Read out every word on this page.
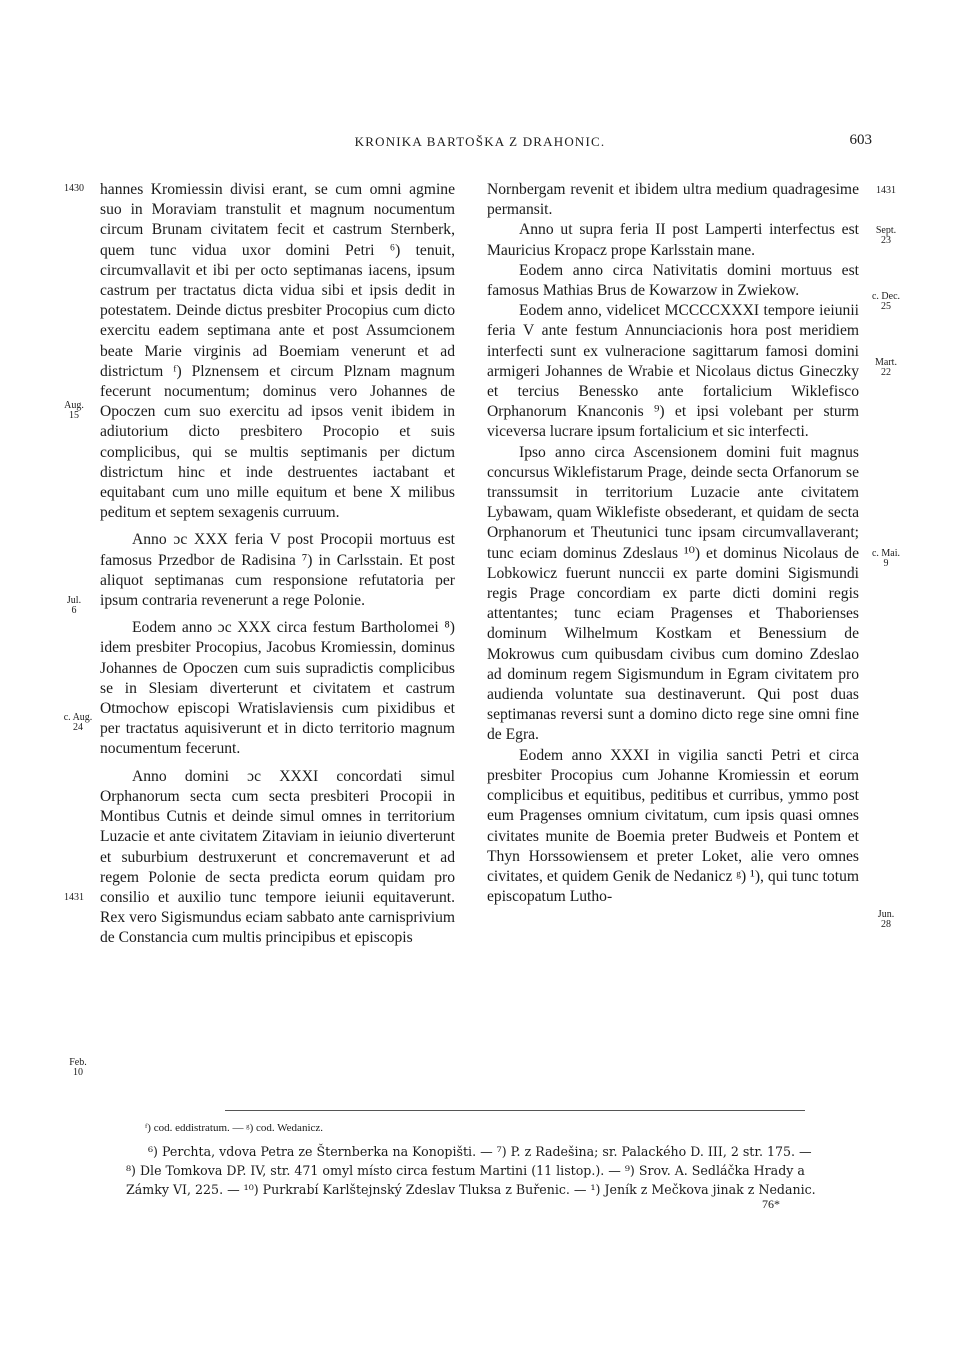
KRONIKA BARTOŠKA Z DRAHONIC.	603

hannes Kromiessin divisi erant, se cum omni agmine suo in Moraviam transtulit et magnum nocumentum circum Brunam civitatem fecit et castrum Sternberk, quem tunc vidua uxor domini Petri ⁶) tenuit, circumvallavit et ibi per octo septimanas iacens, ipsum castrum per tractatus dicta vidua sibi et ipsis dedit in potestatem. Deinde dictus presbiter Procopius cum dicto exercitu eadem septimana ante et post Assumcionem beate Marie virginis ad Boemiam venerunt et ad districtum ᶠ) Plznensem et circum Plznam magnum fecerunt nocumentum; dominus vero Johannes de Opoczen cum suo exercitu ad ipsos venit ibidem in adiutorium dicto presbitero Procopio et suis complicibus, qui se multis septimanis per dictum districtum hinc et inde destruentes iactabant et equitabant cum uno mille equitum et bene X milibus peditum et septem sexagenis curruum.

Anno ɔc XXX feria V post Procopii mortuus est famosus Przedbor de Radisina ⁷) in Carlsstain. Et post aliquot septimanas cum responsione refutatoria per ipsum contraria revenerunt a rege Polonie.

Eodem anno ɔc XXX circa festum Bartholomei ⁸) idem presbiter Procopius, Jacobus Kromiessin, dominus Johannes de Opoczen cum suis supradictis complicibus se in Slesiam diverterunt et civitatem et castrum Otmochow episcopi Wratislaviensis cum pixidibus et per tractatus aquisiverunt et in dicto territorio magnum nocumentum fecerunt.

Anno domini ɔc XXXI concordati simul Orphanorum secta cum secta presbiteri Procopii in Montibus Cutnis et deinde simul omnes in territorium Luzacie et ante civitatem Zitaviam in ieiunio diverterunt et suburbium destruxerunt et concremaverunt et ad regem Polonie de secta predicta eorum quidam pro consilio et auxilio tunc tempore ieiunii equitaverunt. Rex vero Sigismundus eciam sabbato ante carnisprivium de Constancia cum multis principibus et episcopis

Nornbergam revenit et ibidem ultra medium quadragesime permansit.

Anno ut supra feria II post Lamperti interfectus est Mauricius Kropacz prope Karlsstain mane.

Eodem anno circa Nativitatis domini mortuus est famosus Mathias Brus de Kowarzow in Zwiekow.

Eodem anno, videlicet MCCCCXXXI tempore ieiunii feria V ante festum Annunciacionis hora post meridiem interfecti sunt ex vulneracione sagittarum famosi domini armigeri Johannes de Wrabie et Nicolaus dictus Gineczky et tercius Benessko ante fortalicium Wiklefisco Orphanorum Knanconis ⁹) et ipsi volebant per sturm viceversa lucrare ipsum fortalicium et sic interfecti.

Ipso anno circa Ascensionem domini fuit magnus concursus Wiklefistarum Prage, deinde secta Orfanorum se transsumsit in territorium Luzacie ante civitatem Lybawam, quam Wiklefiste obsederant, et quidam de secta Orphanorum et Theutunici tunc ipsam circumvallaverant; tunc eciam dominus Zdeslaus ¹⁰) et dominus Nicolaus de Lobkowicz fuerunt nunccii ex parte domini Sigismundi regis Prage concordiam ex parte dicti domini regis attentantes; tunc eciam Pragenses et Thaborienses dominum Wilhelmum Kostkam et Benessium de Mokrowus cum quibusdam civibus cum domino Zdeslao ad dominum regem Sigismundum in Egram civitatem pro audienda voluntate sua destinaverunt. Qui post duas septimanas reversi sunt a domino dicto rege sine omni fine de Egra.

Eodem anno XXXI in vigilia sancti Petri et circa presbiter Procopius cum Johanne Kromiessin et eorum complicibus et equitibus, peditibus et curribus, ymmo post eum Pragenses omnium civitatum, cum ipsis quasi omnes civitates munite de Boemia preter Budweis et Pontem et Thyn Horssowiensem et preter Loket, alie vero omnes civitates, et quidem Genik de Nedanicz ᵍ) ¹), qui tunc totum episcopatum Lutho-

1430
Aug.
15
Jul.
6
c. Aug.
24
1431
Feb.
10
1431
Sept.
23
c. Dec.
25
Mart.
22
c. Mai.
9
Jun.
28
ᶠ) cod. eddistratum. — ᵍ) cod. Wedanicz.

⁶) Perchta, vdova Petra ze Šternberka na Konopišti. — ⁷) P. z Radešina; sr. Palackého D. III, 2 str. 175. —

⁸) Dle Tomkova DP. IV, str. 471 omyl místo circa festum Martini (11 listop.). — ⁹) Srov. A. Sedláčka Hrady a

Zámky VI, 225. — ¹⁰) Purkrabí Karlštejnský Zdeslav Tluksa z Buřenic. — ¹) Jeník z Mečkova jinak z Nedanic.

76*
